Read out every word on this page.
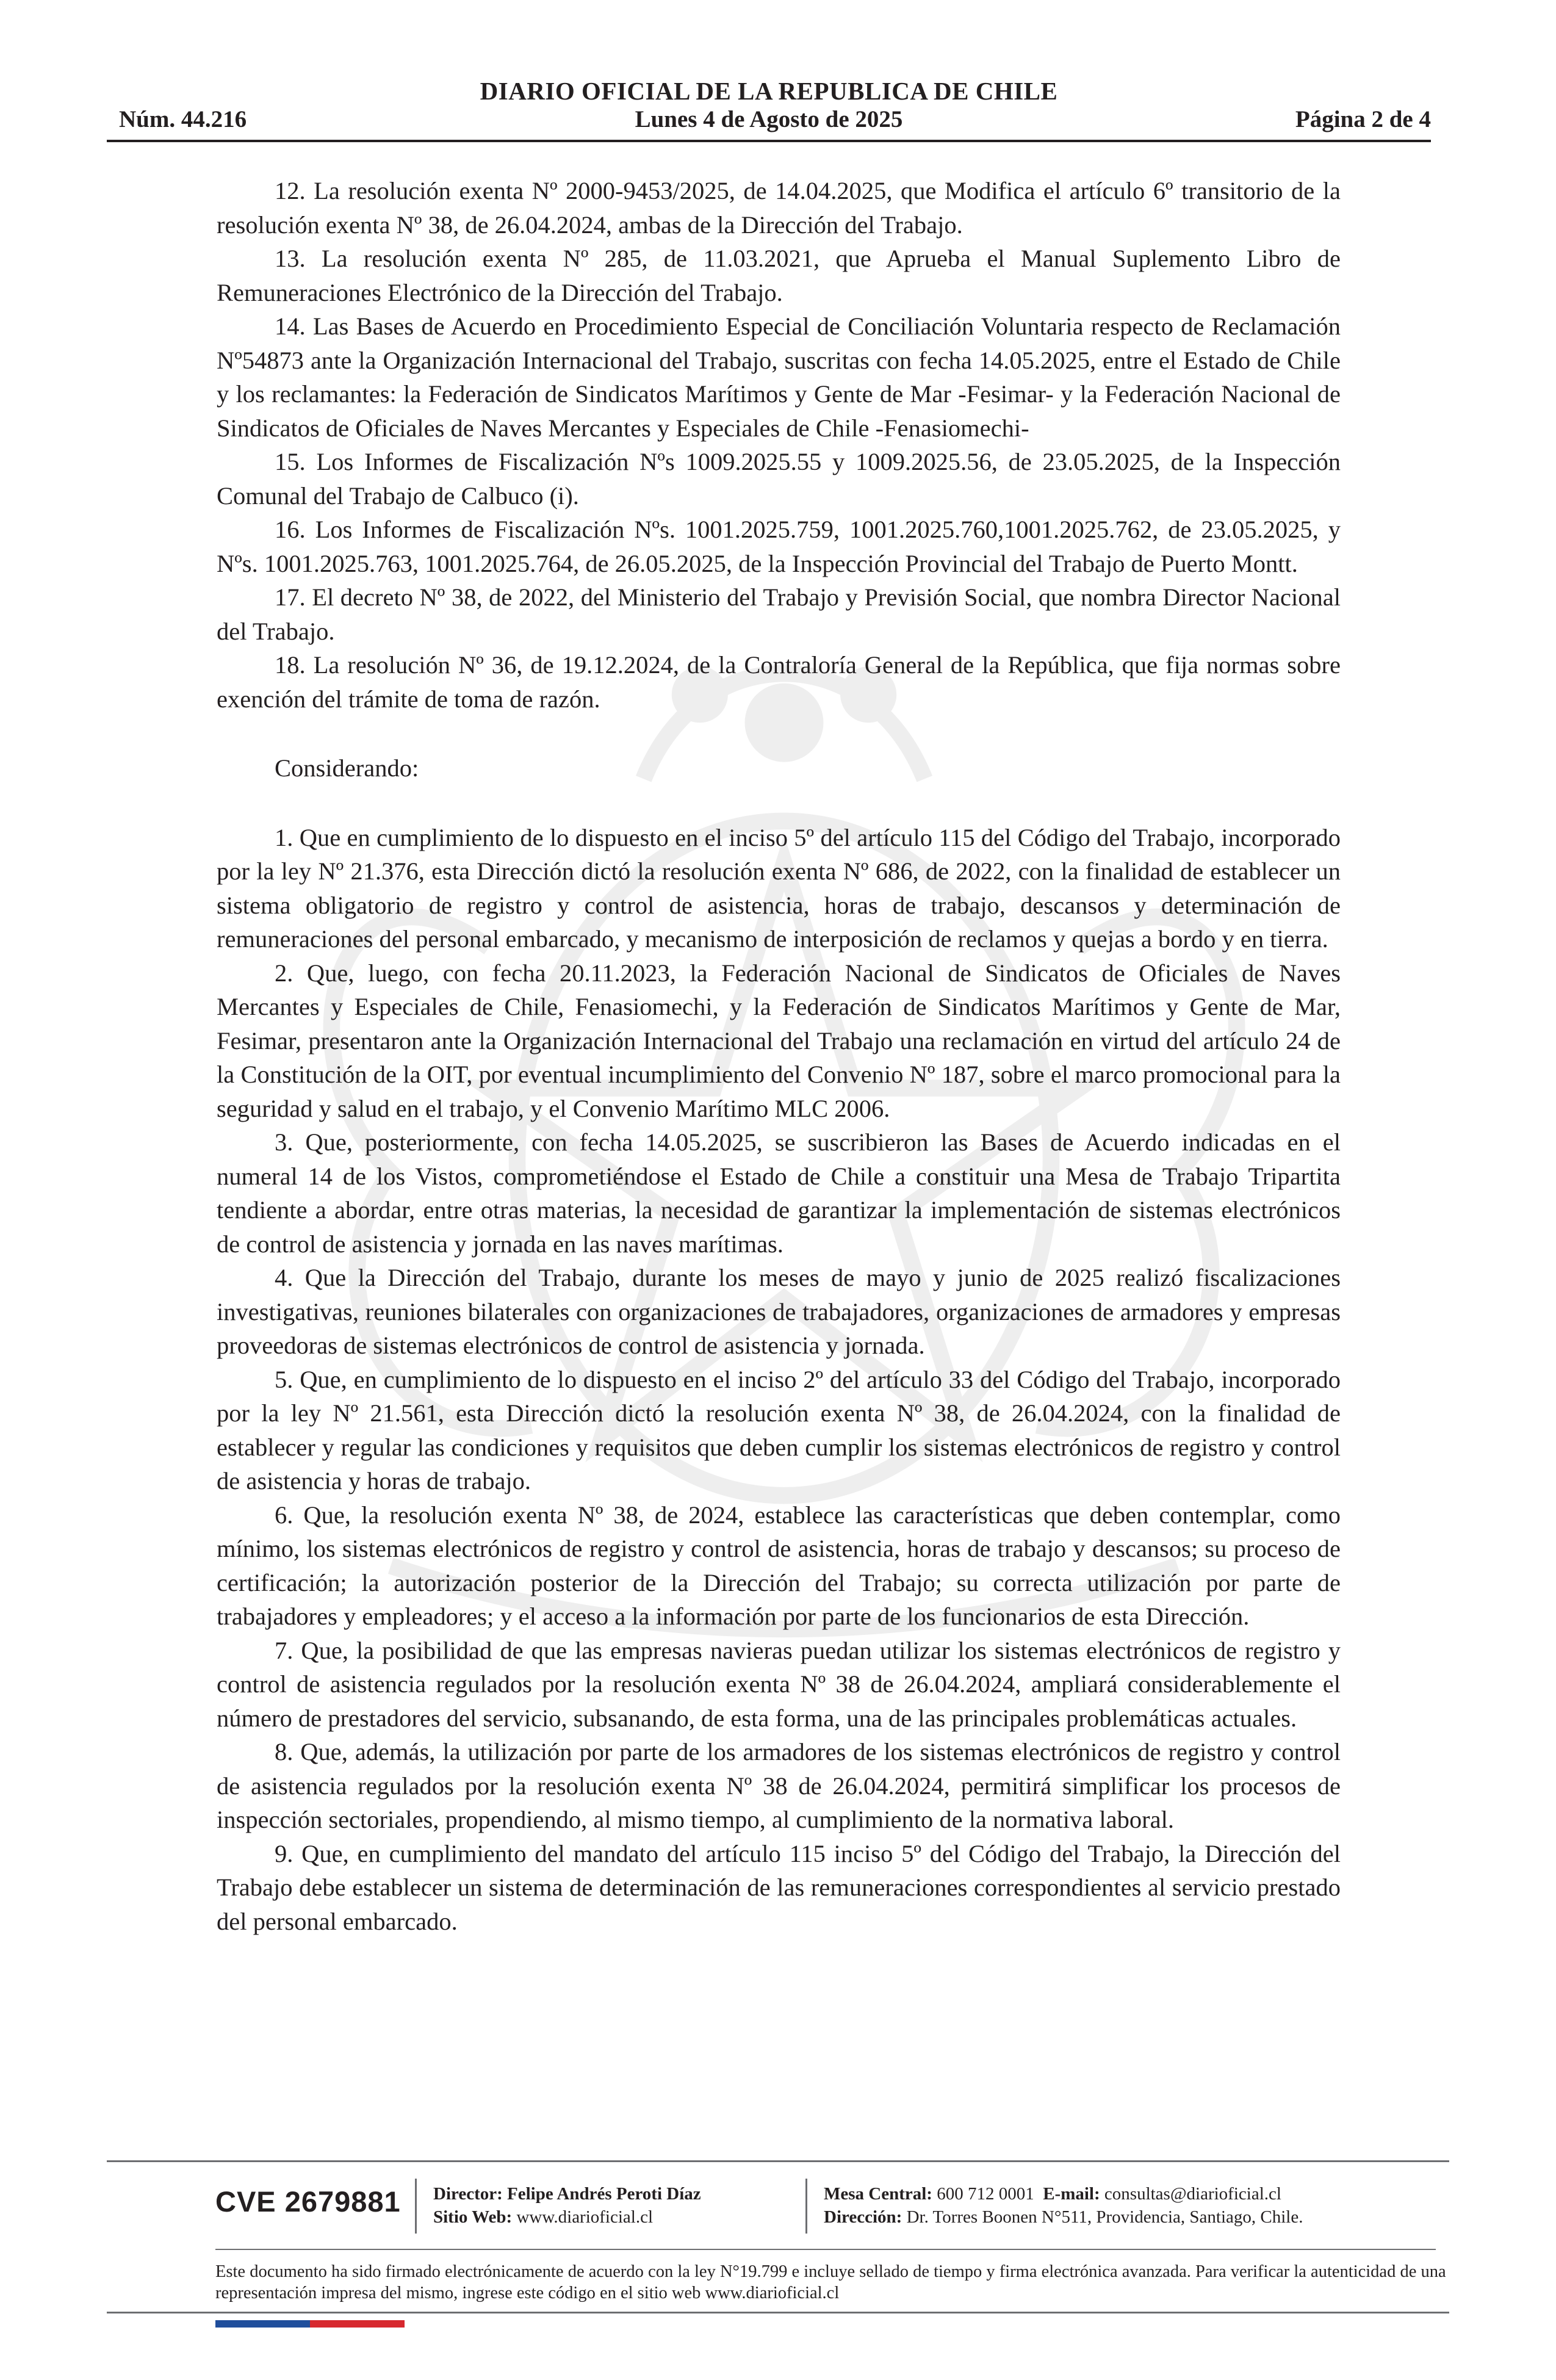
DIARIO OFICIAL DE LA REPUBLICA DE CHILE
Núm. 44.216	Lunes 4 de Agosto de 2025	Página 2 de 4

12. La resolución exenta Nº 2000-9453/2025, de 14.04.2025, que Modifica el artículo 6º transitorio de la resolución exenta Nº 38, de 26.04.2024, ambas de la Dirección del Trabajo.

13. La resolución exenta Nº 285, de 11.03.2021, que Aprueba el Manual Suplemento Libro de Remuneraciones Electrónico de la Dirección del Trabajo.

14. Las Bases de Acuerdo en Procedimiento Especial de Conciliación Voluntaria respecto de Reclamación Nº54873 ante la Organización Internacional del Trabajo, suscritas con fecha 14.05.2025, entre el Estado de Chile y los reclamantes: la Federación de Sindicatos Marítimos y Gente de Mar -Fesimar- y la Federación Nacional de Sindicatos de Oficiales de Naves Mercantes y Especiales de Chile -Fenasiomechi-

15. Los Informes de Fiscalización Nºs 1009.2025.55 y 1009.2025.56, de 23.05.2025, de la Inspección Comunal del Trabajo de Calbuco (i).

16. Los Informes de Fiscalización Nºs. 1001.2025.759, 1001.2025.760,1001.2025.762, de 23.05.2025, y Nºs. 1001.2025.763, 1001.2025.764, de 26.05.2025, de la Inspección Provincial del Trabajo de Puerto Montt.

17. El decreto Nº 38, de 2022, del Ministerio del Trabajo y Previsión Social, que nombra Director Nacional del Trabajo.

18. La resolución Nº 36, de 19.12.2024, de la Contraloría General de la República, que fija normas sobre exención del trámite de toma de razón.

Considerando:

1. Que en cumplimiento de lo dispuesto en el inciso 5º del artículo 115 del Código del Trabajo, incorporado por la ley Nº 21.376, esta Dirección dictó la resolución exenta Nº 686, de 2022, con la finalidad de establecer un sistema obligatorio de registro y control de asistencia, horas de trabajo, descansos y determinación de remuneraciones del personal embarcado, y mecanismo de interposición de reclamos y quejas a bordo y en tierra.

2. Que, luego, con fecha 20.11.2023, la Federación Nacional de Sindicatos de Oficiales de Naves Mercantes y Especiales de Chile, Fenasiomechi, y la Federación de Sindicatos Marítimos y Gente de Mar, Fesimar, presentaron ante la Organización Internacional del Trabajo una reclamación en virtud del artículo 24 de la Constitución de la OIT, por eventual incumplimiento del Convenio Nº 187, sobre el marco promocional para la seguridad y salud en el trabajo, y el Convenio Marítimo MLC 2006.

3. Que, posteriormente, con fecha 14.05.2025, se suscribieron las Bases de Acuerdo indicadas en el numeral 14 de los Vistos, comprometiéndose el Estado de Chile a constituir una Mesa de Trabajo Tripartita tendiente a abordar, entre otras materias, la necesidad de garantizar la implementación de sistemas electrónicos de control de asistencia y jornada en las naves marítimas.

4. Que la Dirección del Trabajo, durante los meses de mayo y junio de 2025 realizó fiscalizaciones investigativas, reuniones bilaterales con organizaciones de trabajadores, organizaciones de armadores y empresas proveedoras de sistemas electrónicos de control de asistencia y jornada.

5. Que, en cumplimiento de lo dispuesto en el inciso 2º del artículo 33 del Código del Trabajo, incorporado por la ley Nº 21.561, esta Dirección dictó la resolución exenta Nº 38, de 26.04.2024, con la finalidad de establecer y regular las condiciones y requisitos que deben cumplir los sistemas electrónicos de registro y control de asistencia y horas de trabajo.

6. Que, la resolución exenta Nº 38, de 2024, establece las características que deben contemplar, como mínimo, los sistemas electrónicos de registro y control de asistencia, horas de trabajo y descansos; su proceso de certificación; la autorización posterior de la Dirección del Trabajo; su correcta utilización por parte de trabajadores y empleadores; y el acceso a la información por parte de los funcionarios de esta Dirección.

7. Que, la posibilidad de que las empresas navieras puedan utilizar los sistemas electrónicos de registro y control de asistencia regulados por la resolución exenta Nº 38 de 26.04.2024, ampliará considerablemente el número de prestadores del servicio, subsanando, de esta forma, una de las principales problemáticas actuales.

8. Que, además, la utilización por parte de los armadores de los sistemas electrónicos de registro y control de asistencia regulados por la resolución exenta Nº 38 de 26.04.2024, permitirá simplificar los procesos de inspección sectoriales, propendiendo, al mismo tiempo, al cumplimiento de la normativa laboral.

9. Que, en cumplimiento del mandato del artículo 115 inciso 5º del Código del Trabajo, la Dirección del Trabajo debe establecer un sistema de determinación de las remuneraciones correspondientes al servicio prestado del personal embarcado.

CVE 2679881 Director: Felipe Andrés Peroti Díaz
Sitio Web: www.diarioficial.cl
Mesa Central: 600 712 0001 E-mail: consultas@diarioficial.cl
Dirección: Dr. Torres Boonen N°511, Providencia, Santiago, Chile.
Este documento ha sido firmado electrónicamente de acuerdo con la ley N°19.799 e incluye sellado de tiempo y firma electrónica avanzada. Para verificar la autenticidad de una representación impresa del mismo, ingrese este código en el sitio web www.diarioficial.cl
